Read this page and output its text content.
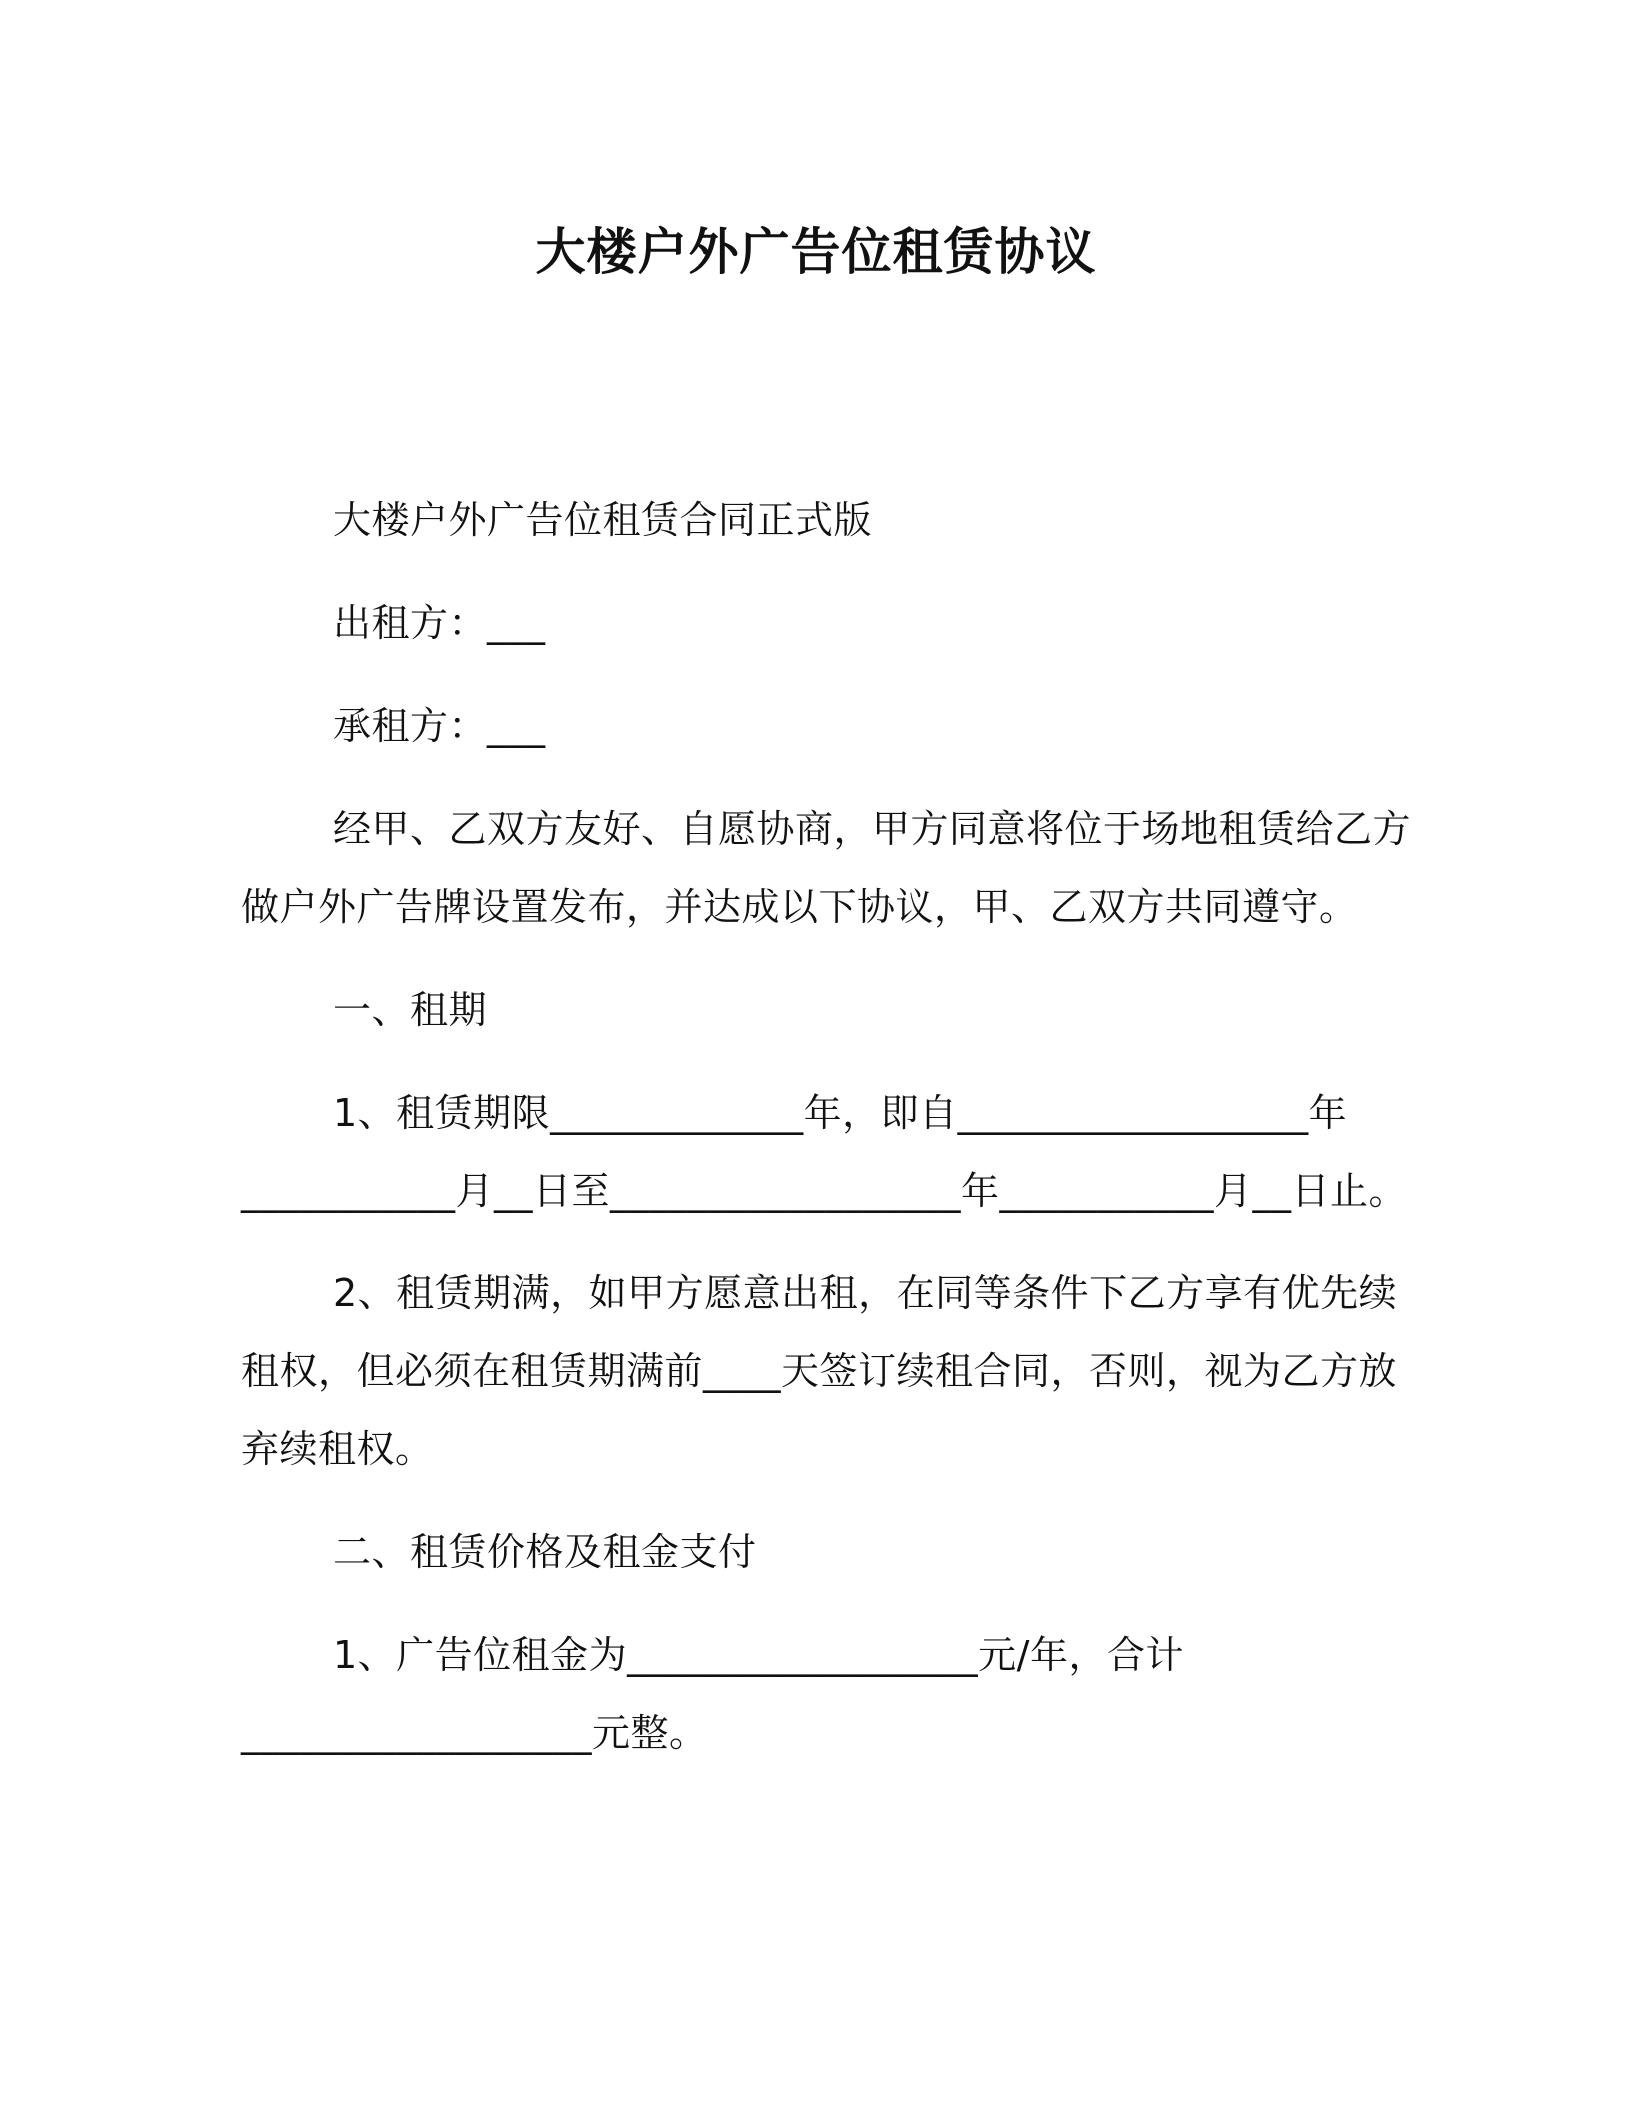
大楼户外广告位租赁协议
大楼户外广告位租赁合同正式版
出租方：___
承租方：___
经甲、乙双方友好、自愿协商，甲方同意将位于场地租赁给乙方
做户外广告牌设置发布，并达成以下协议，甲、乙双方共同遵守。
一、租期
1、租赁期限_____________年，即自__________________年
___________月__日至__________________年___________月__日止。
2、租赁期满，如甲方愿意出租，在同等条件下乙方享有优先续
租权，但必须在租赁期满前____天签订续租合同，否则，视为乙方放
弃续租权。
二、租赁价格及租金支付
1、广告位租金为__________________元/年，合计
__________________元整。
